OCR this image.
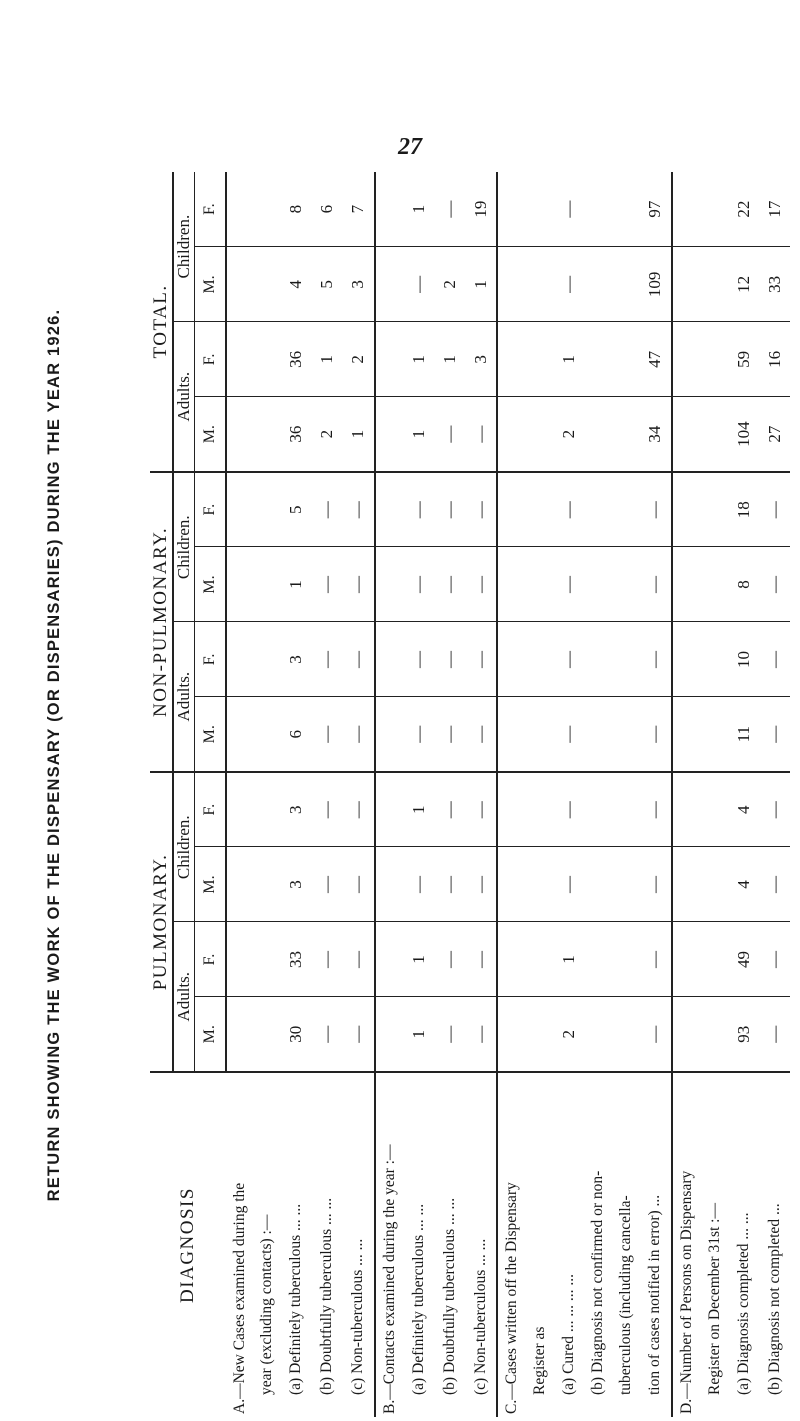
27
RETURN SHOWING THE WORK OF THE DISPENSARY (OR DISPENSARIES) DURING THE YEAR 1926.
DIAGNOSIS	PULMONARY.				NON-PULMONARY.				TOTAL.			
	Adults.		Children.		Adults.		Children.		Adults.		Children.	
	M.	F.	M.	F.	M.	F.	M.	F.	M.	F.	M.	F.
A.—New Cases examined during the												
year (excluding contacts) :—												
(a) Definitely tuberculous ... ...	30	33	3	3	6	3	1	5	36	36	4	8
(b) Doubtfully tuberculous ... ...	—	—	—	—	—	—	—	—	2	1	5	6
(c) Non-tuberculous ... ...	—	—	—	—	—	—	—	—	1	2	3	7
B.—Contacts examined during the year :—												
(a) Definitely tuberculous ... ...	1	1	—	1	—	—	—	—	1	1	—	1
(b) Doubtfully tuberculous ... ...	—	—	—	—	—	—	—	—	—	1	2	—
(c) Non-tuberculous ... ...	—	—	—	—	—	—	—	—	—	3	1	19
C.—Cases written off the Dispensary												
Register as												
(a) Cured ... ... ... ...	2	1	—	—	—	—	—	—	2	1	—	—
(b) Diagnosis not confirmed or non-												
tuberculous (including cancella-												
tion of cases notified in error) ...	—	—	—	—	—	—	—	—	34	47	109	97
D.—Number of Persons on Dispensary												
Register on December 31st :—												
(a) Diagnosis completed ... ...	93	49	4	4	11	10	8	18	104	59	12	22
(b) Diagnosis not completed ...	—	—	—	—	—	—	—	—	27	16	33	17
